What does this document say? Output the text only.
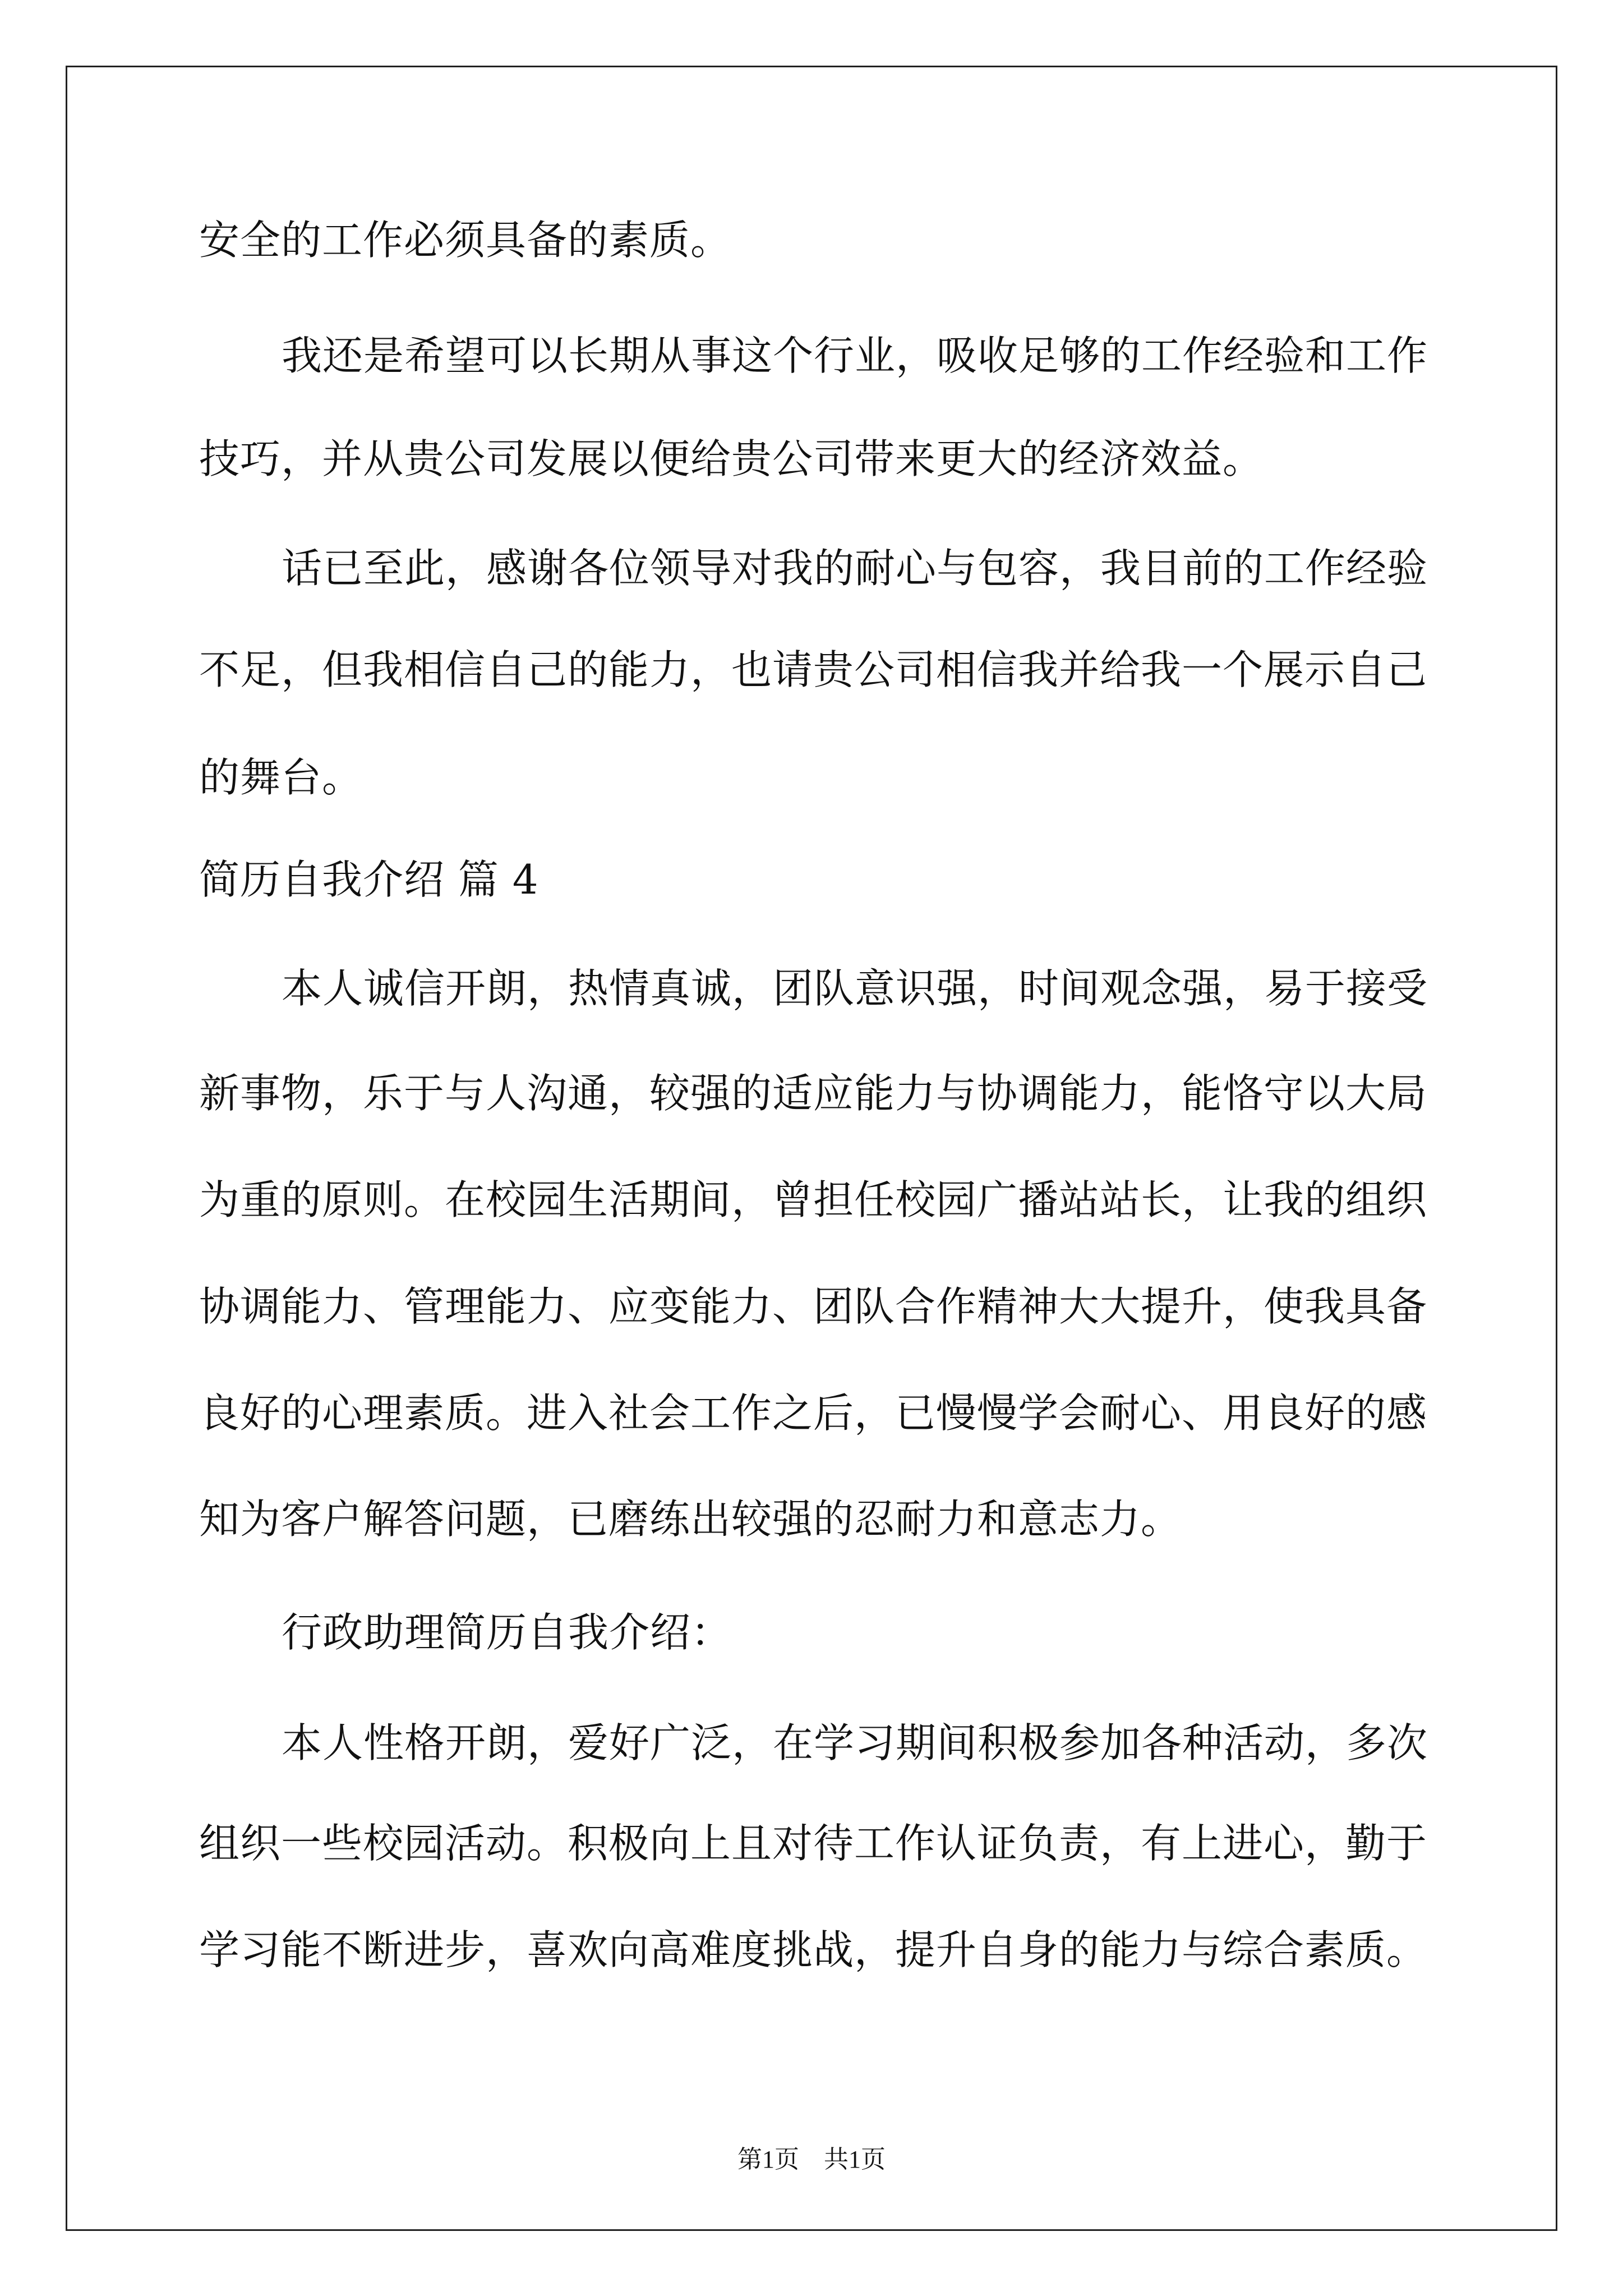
安全的工作必须具备的素质。
我还是希望可以长期从事这个行业，吸收足够的工作经验和工作
技巧，并从贵公司发展以便给贵公司带来更大的经济效益。
话已至此，感谢各位领导对我的耐心与包容，我目前的工作经验
不足，但我相信自己的能力，也请贵公司相信我并给我一个展示自己
的舞台。
简历自我介绍 篇 4
本人诚信开朗，热情真诚，团队意识强，时间观念强，易于接受
新事物，乐于与人沟通，较强的适应能力与协调能力，能恪守以大局
为重的原则。在校园生活期间，曾担任校园广播站站长，让我的组织
协调能力、管理能力、应变能力、团队合作精神大大提升，使我具备
良好的心理素质。进入社会工作之后，已慢慢学会耐心、用良好的感
知为客户解答问题，已磨练出较强的忍耐力和意志力。
行政助理简历自我介绍：
本人性格开朗，爱好广泛，在学习期间积极参加各种活动，多次
组织一些校园活动。积极向上且对待工作认证负责，有上进心，勤于
学习能不断进步，喜欢向高难度挑战，提升自身的能力与综合素质。
第1页　共1页
